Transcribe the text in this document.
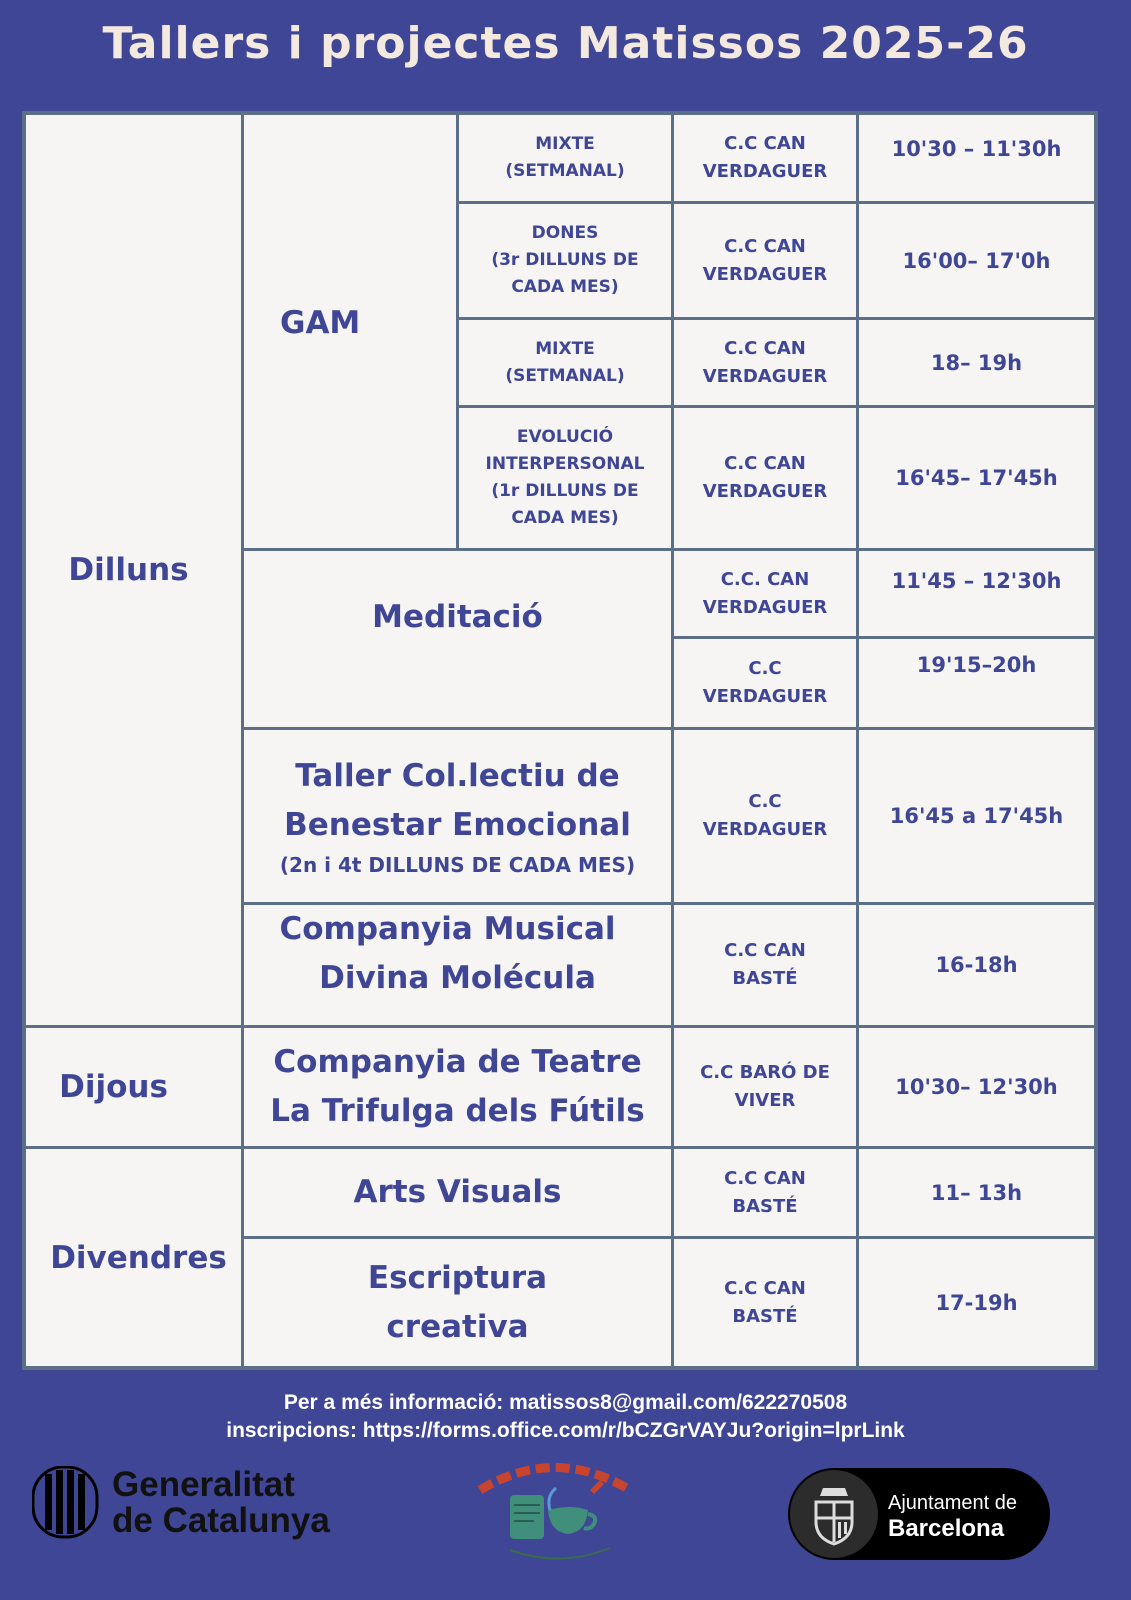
Tallers i projectes Matissos 2025-26
Dilluns
Dijous
Divendres
GAM
MIXTE
(SETMANAL)
C.C CAN
VERDAGUER
10'30 – 11'30h
DONES
(3r DILLUNS DE
CADA MES)
C.C CAN
VERDAGUER
16'00– 17'0h
MIXTE
(SETMANAL)
C.C CAN
VERDAGUER
18– 19h
EVOLUCIÓ
INTERPERSONAL
(1r DILLUNS DE
CADA MES)
C.C CAN
VERDAGUER
16'45– 17'45h
Meditació
C.C. CAN
VERDAGUER
11'45 – 12'30h
C.C
VERDAGUER
19'15–20h
Taller Col.lectiu de
Benestar Emocional
(2n i 4t DILLUNS DE CADA MES)
C.C
VERDAGUER
16'45 a 17'45h
Companyia Musical
Divina Molécula
C.C CAN
BASTÉ
16-18h
Companyia de Teatre
La Trifulga dels Fútils
C.C BARÓ DE
VIVER
10'30– 12'30h
Arts Visuals	C.C CAN
BASTÉ
11– 13h
Escriptura
creativa
C.C CAN
BASTÉ
17-19h
Per a més informació: matissos8@gmail.com/622270508
inscripcions: https://forms.office.com/r/bCZGrVAYJu?origin=lprLink
Generalitat
de Catalunya	Ajuntament de
Barcelona
